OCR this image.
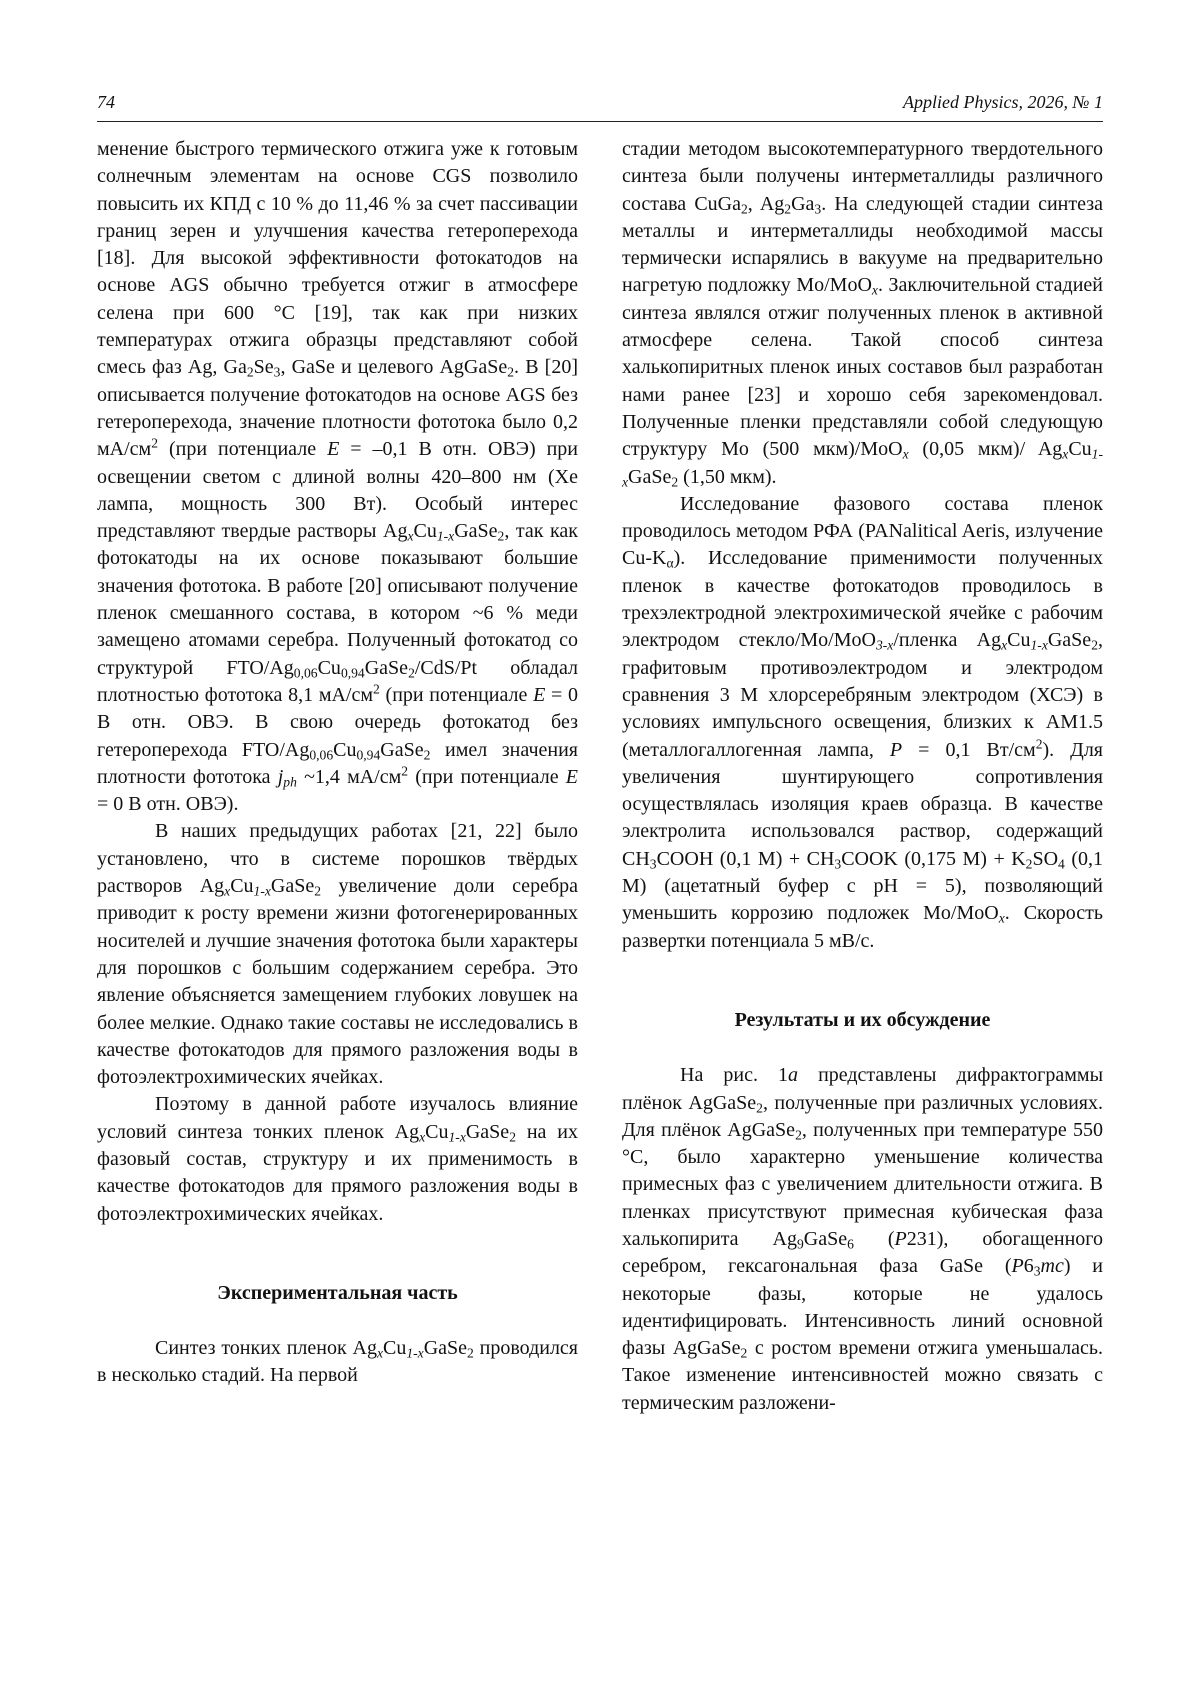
74	Applied Physics, 2026, № 1

менение быстрого термического отжига уже к готовым солнечным элементам на основе CGS позволило повысить их КПД с 10 % до 11,46 % за счет пассивации границ зерен и улучшения качества гетероперехода [18]. Для высокой эффективности фотокатодов на основе AGS обычно требуется отжиг в атмосфере селена при 600 °C [19], так как при низких температурах отжига образцы представляют собой смесь фаз Ag, $Ga_2Se_3$, GaSe и целевого AgGaSe$_2$. В [20] описывается получение фотокатодов на основе AGS без гетероперехода, значение плотности фототока было 0,2 $мА/см^2$ (при потенциале E = –0,1 В отн. ОВЭ) при освещении светом с длиной волны 420–800 нм (Xe лампа, мощность 300 Вт). Особый интерес представляют твердые растворы $Ag_xCu_{1-x}GaSe_2$, так как фотокатоды на их основе показывают большие значения фототока. В работе [20] описывают получение пленок смешанного состава, в котором ~6 % меди замещено атомами серебра. Полученный фотокатод со структурой FTO/$Ag_{0,06}Cu_{0,94}GaSe_2/CdS/Pt$ обладал плотностью фототока 8,1 $мА/см^2$ (при потенциале E = 0 В отн. ОВЭ. В свою очередь фотокатод без гетероперехода FTO/$Ag_{0,06}Cu_{0,94}GaSe_2$ имел значения плотности фототока $j_{ph}$ ~1,4 $мА/см^2$ (при потенциале E = 0 В отн. ОВЭ).

В наших предыдущих работах [21, 22] было установлено, что в системе порошков твёрдых растворов $Ag_xCu_{1-x}GaSe_2$ увеличение доли серебра приводит к росту времени жизни фотогенерированных носителей и лучшие значения фототока были характеры для порошков с большим содержанием серебра. Это явление объясняется замещением глубоких ловушек на более мелкие. Однако такие составы не исследовались в качестве фотокатодов для прямого разложения воды в фотоэлектрохимических ячейках.

Поэтому в данной работе изучалось влияние условий синтеза тонких пленок $Ag_xCu_{1-x}GaSe_2$ на их фазовый состав, структуру и их применимость в качестве фотокатодов для прямого разложения воды в фотоэлектрохимических ячейках.

Экспериментальная часть

Синтез тонких пленок $Ag_xCu_{1-x}GaSe_2$ проводился в несколько стадий. На первой

стадии методом высокотемпературного твердотельного синтеза были получены интерметаллиды различного состава CuGa$_2$, $Ag_2Ga_3$. На следующей стадии синтеза металлы и интерметаллиды необходимой массы термически испарялись в вакууме на предварительно нагретую подложку Mo/MoO$_x$. Заключительной стадией синтеза являлся отжиг полученных пленок в активной атмосфере селена. Такой способ синтеза халькопиритных пленок иных составов был разработан нами ранее [23] и хорошо себя зарекомендовал. Полученные пленки представляли собой следующую структуру Mo (500 мкм)/MoO$_x$ (0,05 мкм)/ $Ag_xCu_{1-x}GaSe_2$ (1,50 мкм).

Исследование фазового состава пленок проводилось методом РФА (PANalitical Aeris, излучение $Cu-K_\alpha$). Исследование применимости полученных пленок в качестве фотокатодов проводилось в трехэлектродной электрохимической ячейке с рабочим электродом стекло/Mo/MoO$_{3-x}$/пленка $Ag_xCu_{1-x}GaSe_2$, графитовым противоэлектродом и электродом сравнения 3 М хлорсеребряным электродом (ХСЭ) в условиях импульсного освещения, близких к AM1.5 (металлогаллогенная лампа, P = 0,1 $Вт/см^2$). Для увеличения шунтирующего сопротивления осуществлялась изоляция краев образца. В качестве электролита использовался раствор, содержащий $CH_3COOH$ (0,1 $M) + CH_3COOK$ (0,175 $M) + K_2SO_4$ (0,1 M) (ацетатный буфер с pH = 5), позволяющий уменьшить коррозию подложек Mo/MoO$_x$. Скорость развертки потенциала 5 мВ/с.

Результаты и их обсуждение

На рис. 1a представлены дифрактограммы плёнок AgGaSe$_2$, полученные при различных условиях. Для плёнок AgGaSe$_2$, полученных при температуре 550 °C, было характерно уменьшение количества примесных фаз с увеличением длительности отжига. В пленках присутствуют примесная кубическая фаза халькопирита $Ag_9GaSe_6$ (P231), обогащенного серебром, гексагональная фаза GaSe $(P6_3mc)$ и некоторые фазы, которые не удалось идентифицировать. Интенсивность линий основной фазы AgGaSe$_2$ с ростом времени отжига уменьшалась. Такое изменение интенсивностей можно связать с термическим разложени-
